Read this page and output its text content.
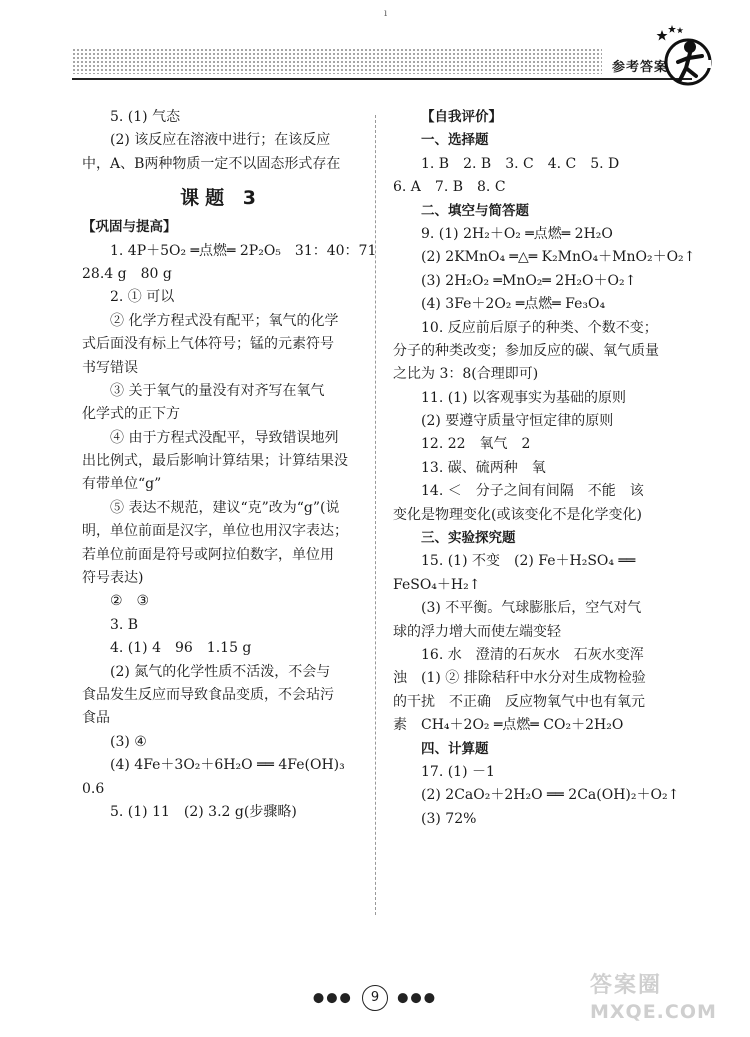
ı
参考答案
5. (1) 气态
(2) 该反应在溶液中进行；在该反应
中，A、B两种物质一定不以固态形式存在
课题 3
【巩固与提高】
1. 4P＋5O₂ ═点燃═ 2P₂O₅　31：40：71
28.4 g　80 g
2. ① 可以
② 化学方程式没有配平；氧气的化学
式后面没有标上气体符号；锰的元素符号
书写错误
③ 关于氧气的量没有对齐写在氧气
化学式的正下方
④ 由于方程式没配平，导致错误地列
出比例式，最后影响计算结果；计算结果没
有带单位“g”
⑤ 表达不规范，建议“克”改为“g”(说
明，单位前面是汉字，单位也用汉字表达；
若单位前面是符号或阿拉伯数字，单位用
符号表达)
②　③
3. B
4. (1) 4　96　1.15 g
(2) 氮气的化学性质不活泼，不会与
食品发生反应而导致食品变质，不会玷污
食品
(3) ④
(4) 4Fe＋3O₂＋6H₂O ══ 4Fe(OH)₃
0.6
5. (1) 11　(2) 3.2 g(步骤略)
【自我评价】
一、选择题
1. B　2. B　3. C　4. C　5. D
6. A　7. B　8. C
二、填空与简答题
9. (1) 2H₂＋O₂ ═点燃═ 2H₂O
(2) 2KMnO₄ ═△═ K₂MnO₄＋MnO₂＋O₂↑
(3) 2H₂O₂ ═MnO₂═ 2H₂O＋O₂↑
(4) 3Fe＋2O₂ ═点燃═ Fe₃O₄
10. 反应前后原子的种类、个数不变；
分子的种类改变；参加反应的碳、氧气质量
之比为 3：8(合理即可)
11. (1) 以客观事实为基础的原则
(2) 要遵守质量守恒定律的原则
12. 22　氧气　2
13. 碳、硫两种　氧
14. ＜　分子之间有间隔　不能　该
变化是物理变化(或该变化不是化学变化)
三、实验探究题
15. (1) 不变　(2) Fe＋H₂SO₄ ══
FeSO₄＋H₂↑
(3) 不平衡。气球膨胀后，空气对气
球的浮力增大而使左端变轻
16. 水　澄清的石灰水　石灰水变浑
浊　(1) ② 排除秸秆中水分对生成物检验
的干扰　不正确　反应物氧气中也有氧元
素　CH₄＋2O₂ ═点燃═ CO₂＋2H₂O
四、计算题
17. (1) －1
(2) 2CaO₂＋2H₂O ══ 2Ca(OH)₂＋O₂↑
(3) 72%
●●● 9 ●●●	答案圈
MXQE.COM
